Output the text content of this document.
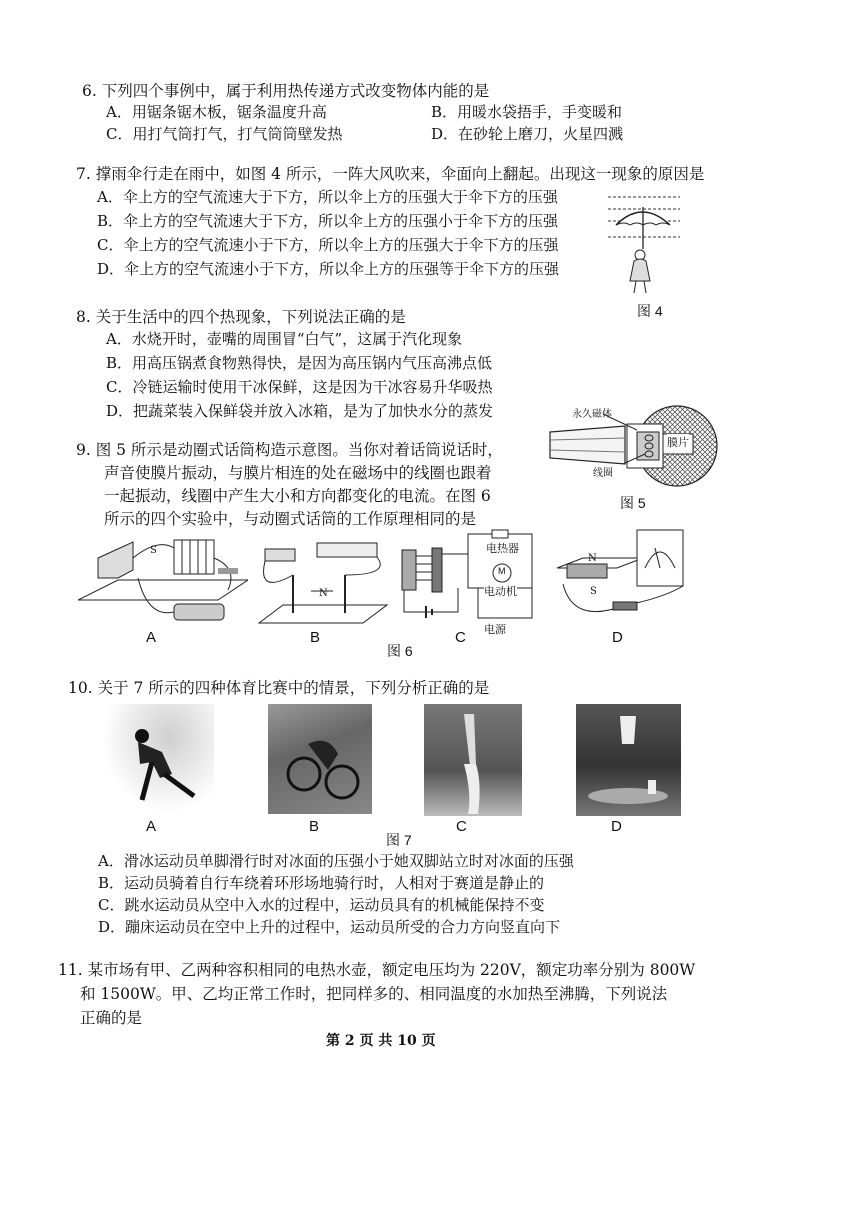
6. 下列四个事例中，属于利用热传递方式改变物体内能的是
A．用锯条锯木板，锯条温度升高	B．用暖水袋捂手，手变暖和
C．用打气筒打气，打气筒筒壁发热	D．在砂轮上磨刀，火星四溅
7. 撑雨伞行走在雨中，如图 4 所示，一阵大风吹来，伞面向上翻起。出现这一现象的原因是
A．伞上方的空气流速大于下方，所以伞上方的压强大于伞下方的压强
B．伞上方的空气流速大于下方，所以伞上方的压强小于伞下方的压强
C．伞上方的空气流速小于下方，所以伞上方的压强大于伞下方的压强
D．伞上方的空气流速小于下方，所以伞上方的压强等于伞下方的压强
图 4
8. 关于生活中的四个热现象，下列说法正确的是
A．水烧开时，壶嘴的周围冒“白气”，这属于汽化现象
B．用高压锅煮食物熟得快，是因为高压锅内气压高沸点低
C．冷链运输时使用干冰保鲜，这是因为干冰容易升华吸热
D．把蔬菜装入保鲜袋并放入冰箱，是为了加快水分的蒸发
9. 图 5 所示是动圈式话筒构造示意图。当你对着话筒说话时，
声音使膜片振动，与膜片相连的处在磁场中的线圈也跟着
一起振动，线圈中产生大小和方向都变化的电流。在图 6
所示的四个实验中，与动圈式话筒的工作原理相同的是
永久磁体
膜片
线圈
图 5
S
N
电热器
M
电动机
电源
N
S
A	B	C	D
图 6
10. 关于 7 所示的四种体育比赛中的情景，下列分析正确的是
A	B	C	D
图 7
A．滑冰运动员单脚滑行时对冰面的压强小于她双脚站立时对冰面的压强
B．运动员骑着自行车绕着环形场地骑行时，人相对于赛道是静止的
C．跳水运动员从空中入水的过程中，运动员具有的机械能保持不变
D．蹦床运动员在空中上升的过程中，运动员所受的合力方向竖直向下
11. 某市场有甲、乙两种容积相同的电热水壶，额定电压均为 220V，额定功率分别为 800W
和 1500W。甲、乙均正常工作时，把同样多的、相同温度的水加热至沸腾，下列说法
正确的是
第 2 页 共 10 页
